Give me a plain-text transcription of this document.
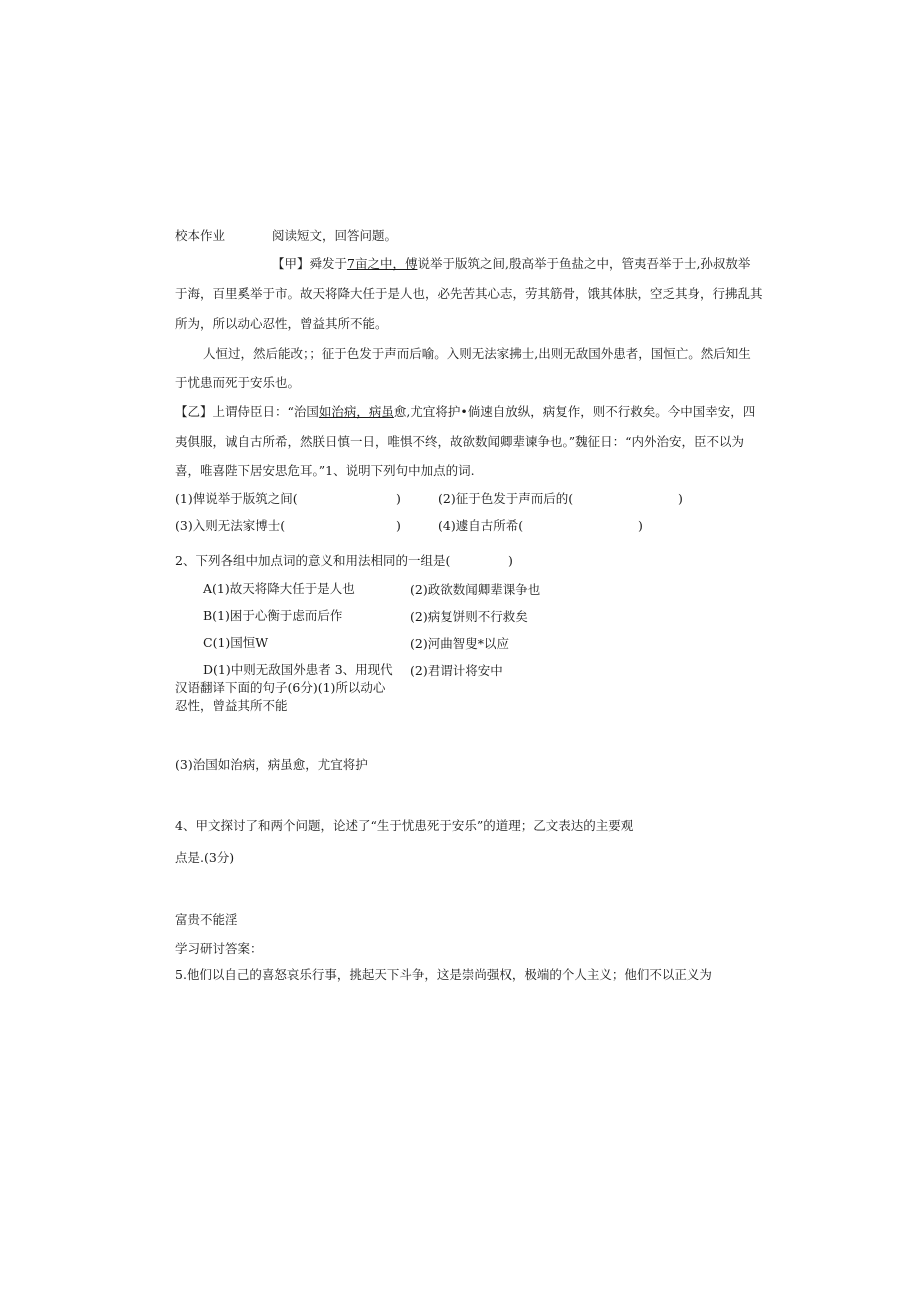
校本作业	阅读短文，回答问题。
【甲】舜发于7亩之中，傅说举于版筑之间,殷高举于鱼盐之中，管夷吾举于士,孙叔敖举
于海，百里奚举于市。故天将降大任于是人也，必先苦其心志，劳其筋骨，饿其体肤，空乏其身，行拂乱其
所为，所以动心忍性，曾益其所不能。
人恒过，然后能改；；征于色发于声而后喻。入则无法家拂士,出则无敌国外患者，国恒亡。然后知生
于忧患而死于安乐也。
【乙】上谓侍臣日：“治国如治病，病虽愈,尤宜将护•倘速自放纵，病复作，则不行救矣。今中国幸安，四
夷俱服，诚自古所希，然朕日慎一日，唯惧不终，故欲数闻卿辈谏争也。”魏征日：“内外治安，臣不以为
喜，唯喜陛下居安思危耳。”1、说明下列句中加点的词.
(1)俾说举于版筑之间(	)	(2)征于色发于声而后的(	)
(3)入则无法家博士(	)	(4)遽自古所希(	)
2、下列各组中加点词的意义和用法相同的一组是(	)
A(1)故天将降大任于是人也	(2)政欲数闻卿辈课争也
B(1)困于心衡于虑而后作	(2)病复饼则不行救矣
C(1)国恒W	(2)河曲智叟*以应
D(1)中则无敌国外患者 3、用现代
汉语翻译下面的句子(6分)(1)所以动心
忍性，曾益其所不能
(2)君谓计将安中
(3)治国如治病，病虽愈，尤宜将护
4、甲文探讨了和两个问题，论述了“生于忧患死于安乐”的道理；乙文表达的主要观
点是.(3分)
富贵不能淫
学习研讨答案：
5.他们以自己的喜怒哀乐行事，挑起天下斗争，这是崇尚强权，极端的个人主义；他们不以正义为
